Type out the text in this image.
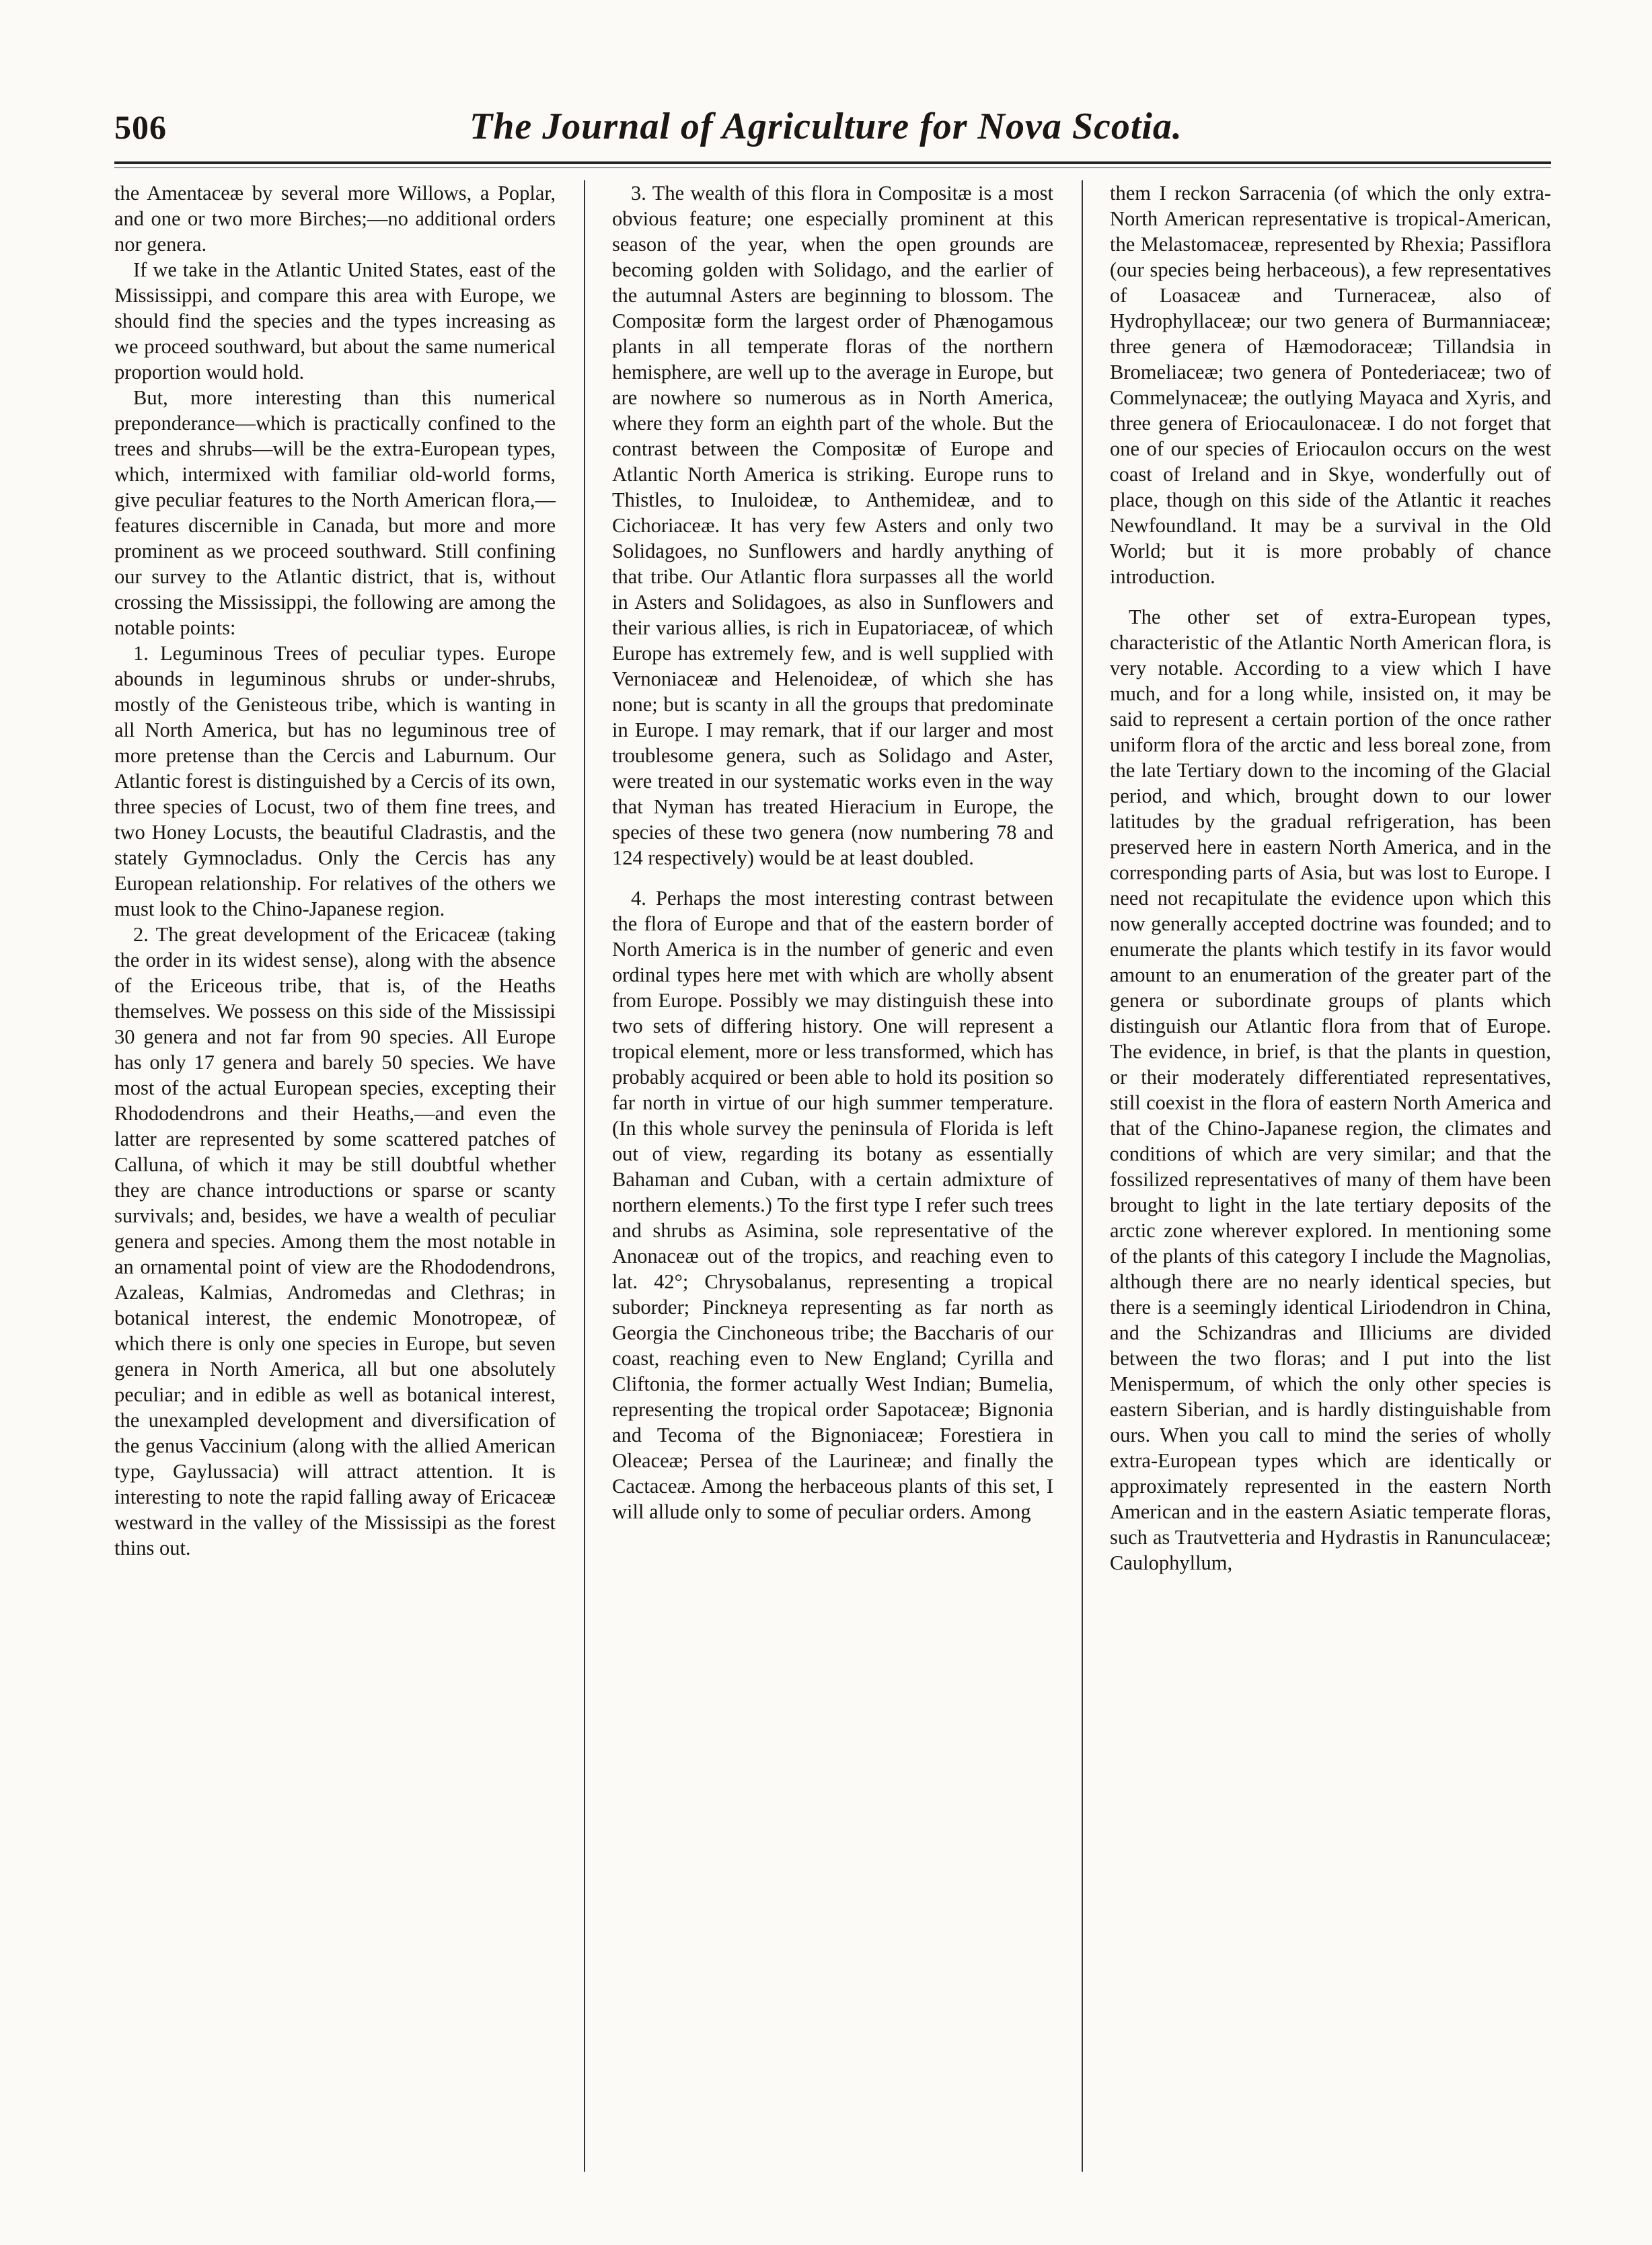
506	The Journal of Agriculture for Nova Scotia.

the Amentaceæ by several more Willows, a Poplar, and one or two more Birches;—no additional orders nor genera.

If we take in the Atlantic United States, east of the Mississippi, and compare this area with Europe, we should find the species and the types increasing as we proceed southward, but about the same numerical proportion would hold.

But, more interesting than this numerical preponderance—which is practically confined to the trees and shrubs—will be the extra-European types, which, intermixed with familiar old-world forms, give peculiar features to the North American flora,—features discernible in Canada, but more and more prominent as we proceed southward. Still confining our survey to the Atlantic district, that is, without crossing the Mississippi, the following are among the notable points:

1. Leguminous Trees of peculiar types. Europe abounds in leguminous shrubs or under-shrubs, mostly of the Genisteous tribe, which is wanting in all North America, but has no leguminous tree of more pretense than the Cercis and Laburnum. Our Atlantic forest is distinguished by a Cercis of its own, three species of Locust, two of them fine trees, and two Honey Locusts, the beautiful Cladrastis, and the stately Gymnocladus. Only the Cercis has any European relationship. For relatives of the others we must look to the Chino-Japanese region.

2. The great development of the Ericaceæ (taking the order in its widest sense), along with the absence of the Ericeous tribe, that is, of the Heaths themselves. We possess on this side of the Mississipi 30 genera and not far from 90 species. All Europe has only 17 genera and barely 50 species. We have most of the actual European species, excepting their Rhododendrons and their Heaths,—and even the latter are represented by some scattered patches of Calluna, of which it may be still doubtful whether they are chance introductions or sparse or scanty survivals; and, besides, we have a wealth of peculiar genera and species. Among them the most notable in an ornamental point of view are the Rhododendrons, Azaleas, Kalmias, Andromedas and Clethras; in botanical interest, the endemic Monotropeæ, of which there is only one species in Europe, but seven genera in North America, all but one absolutely peculiar; and in edible as well as botanical interest, the unexampled development and diversification of the genus Vaccinium (along with the allied American type, Gaylussacia) will attract attention. It is interesting to note the rapid falling away of Ericaceæ westward in the valley of the Mississipi as the forest thins out.

3. The wealth of this flora in Compositæ is a most obvious feature; one especially prominent at this season of the year, when the open grounds are becoming golden with Solidago, and the earlier of the autumnal Asters are beginning to blossom. The Compositæ form the largest order of Phænogamous plants in all temperate floras of the northern hemisphere, are well up to the average in Europe, but are nowhere so numerous as in North America, where they form an eighth part of the whole. But the contrast between the Compositæ of Europe and Atlantic North America is striking. Europe runs to Thistles, to Inuloideæ, to Anthemideæ, and to Cichoriaceæ. It has very few Asters and only two Solidagoes, no Sunflowers and hardly anything of that tribe. Our Atlantic flora surpasses all the world in Asters and Solidagoes, as also in Sunflowers and their various allies, is rich in Eupatoriaceæ, of which Europe has extremely few, and is well supplied with Vernoniaceæ and Helenoideæ, of which she has none; but is scanty in all the groups that predominate in Europe. I may remark, that if our larger and most troublesome genera, such as Solidago and Aster, were treated in our systematic works even in the way that Nyman has treated Hieracium in Europe, the species of these two genera (now numbering 78 and 124 respectively) would be at least doubled.

4. Perhaps the most interesting contrast between the flora of Europe and that of the eastern border of North America is in the number of generic and even ordinal types here met with which are wholly absent from Europe. Possibly we may distinguish these into two sets of differing history. One will represent a tropical element, more or less transformed, which has probably acquired or been able to hold its position so far north in virtue of our high summer temperature. (In this whole survey the peninsula of Florida is left out of view, regarding its botany as essentially Bahaman and Cuban, with a certain admixture of northern elements.) To the first type I refer such trees and shrubs as Asimina, sole representative of the Anonaceæ out of the tropics, and reaching even to lat. 42°; Chrysobalanus, representing a tropical suborder; Pinckneya representing as far north as Georgia the Cinchoneous tribe; the Baccharis of our coast, reaching even to New England; Cyrilla and Cliftonia, the former actually West Indian; Bumelia, representing the tropical order Sapotaceæ; Bignonia and Tecoma of the Bignoniaceæ; Forestiera in Oleaceæ; Persea of the Laurineæ; and finally the Cactaceæ. Among the herbaceous plants of this set, I will allude only to some of peculiar orders. Among

them I reckon Sarracenia (of which the only extra-North American representative is tropical-American, the Melastomaceæ, represented by Rhexia; Passiflora (our species being herbaceous), a few representatives of Loasaceæ and Turneraceæ, also of Hydrophyllaceæ; our two genera of Burmanniaceæ; three genera of Hæmodoraceæ; Tillandsia in Bromeliaceæ; two genera of Pontederiaceæ; two of Commelynaceæ; the outlying Mayaca and Xyris, and three genera of Eriocaulonaceæ. I do not forget that one of our species of Eriocaulon occurs on the west coast of Ireland and in Skye, wonderfully out of place, though on this side of the Atlantic it reaches Newfoundland. It may be a survival in the Old World; but it is more probably of chance introduction.

The other set of extra-European types, characteristic of the Atlantic North American flora, is very notable. According to a view which I have much, and for a long while, insisted on, it may be said to represent a certain portion of the once rather uniform flora of the arctic and less boreal zone, from the late Tertiary down to the incoming of the Glacial period, and which, brought down to our lower latitudes by the gradual refrigeration, has been preserved here in eastern North America, and in the corresponding parts of Asia, but was lost to Europe. I need not recapitulate the evidence upon which this now generally accepted doctrine was founded; and to enumerate the plants which testify in its favor would amount to an enumeration of the greater part of the genera or subordinate groups of plants which distinguish our Atlantic flora from that of Europe. The evidence, in brief, is that the plants in question, or their moderately differentiated representatives, still coexist in the flora of eastern North America and that of the Chino-Japanese region, the climates and conditions of which are very similar; and that the fossilized representatives of many of them have been brought to light in the late tertiary deposits of the arctic zone wherever explored. In mentioning some of the plants of this category I include the Magnolias, although there are no nearly identical species, but there is a seemingly identical Liriodendron in China, and the Schizandras and Illiciums are divided between the two floras; and I put into the list Menispermum, of which the only other species is eastern Siberian, and is hardly distinguishable from ours. When you call to mind the series of wholly extra-European types which are identically or approximately represented in the eastern North American and in the eastern Asiatic temperate floras, such as Trautvetteria and Hydrastis in Ranunculaceæ; Caulophyllum,
